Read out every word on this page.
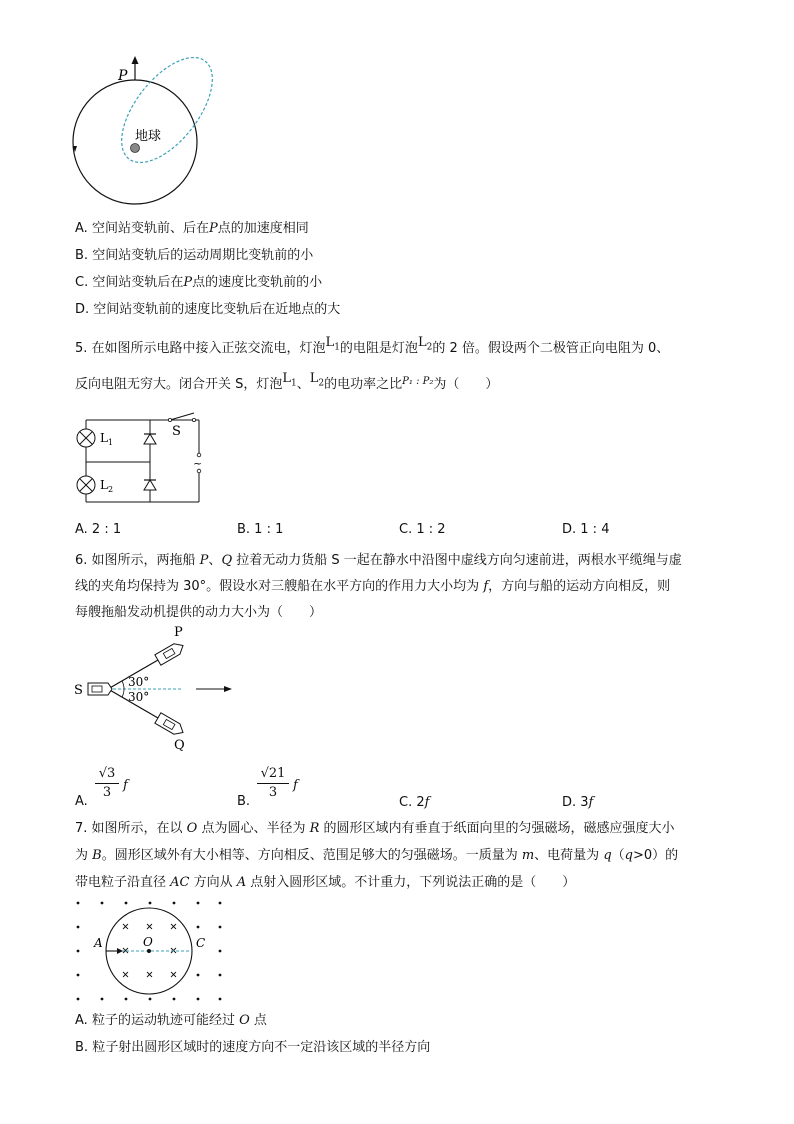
P
地球
A. 空间站变轨前、后在P点的加速度相同
B. 空间站变轨后的运动周期比变轨前的小
C. 空间站变轨后在P点的速度比变轨前的小
D. 空间站变轨前的速度比变轨后在近地点的大
5. 在如图所示电路中接入正弦交流电，灯泡$L_1$的电阻是灯泡$L_2$的 2 倍。假设两个二极管正向电阻为 0、
反向电阻无穷大。闭合开关 S，灯泡$L_1$、$L_2$的电功率之比$^{P_1 : P_2}$为（　　）
~
$L_1$
$L_2$
S
A. 2 : 1	B. 1 : 1	C. 1 : 2	D. 1 : 4
6. 如图所示，两拖船 P、Q 拉着无动力货船 S 一起在静水中沿图中虚线方向匀速前进，两根水平缆绳与虚
线的夹角均保持为 30°。假设水对三艘船在水平方向的作用力大小均为 f，方向与船的运动方向相反，则
每艘拖船发动机提供的动力大小为（　　）
P
Q
S
30°
30°
A.
√3
3 f
B.
√21
3	f
C. 2f	D. 3f
7. 如图所示，在以 O 点为圆心、半径为 R 的圆形区域内有垂直于纸面向里的匀强磁场，磁感应强度大小
为 B。圆形区域外有大小相等、方向相反、范围足够大的匀强磁场。一质量为 m、电荷量为 q（q>0）的
带电粒子沿直径 AC 方向从 A 点射入圆形区域。不计重力，下列说法正确的是（　　）
A	O	C
A. 粒子的运动轨迹可能经过 O 点
B. 粒子射出圆形区域时的速度方向不一定沿该区域的半径方向
